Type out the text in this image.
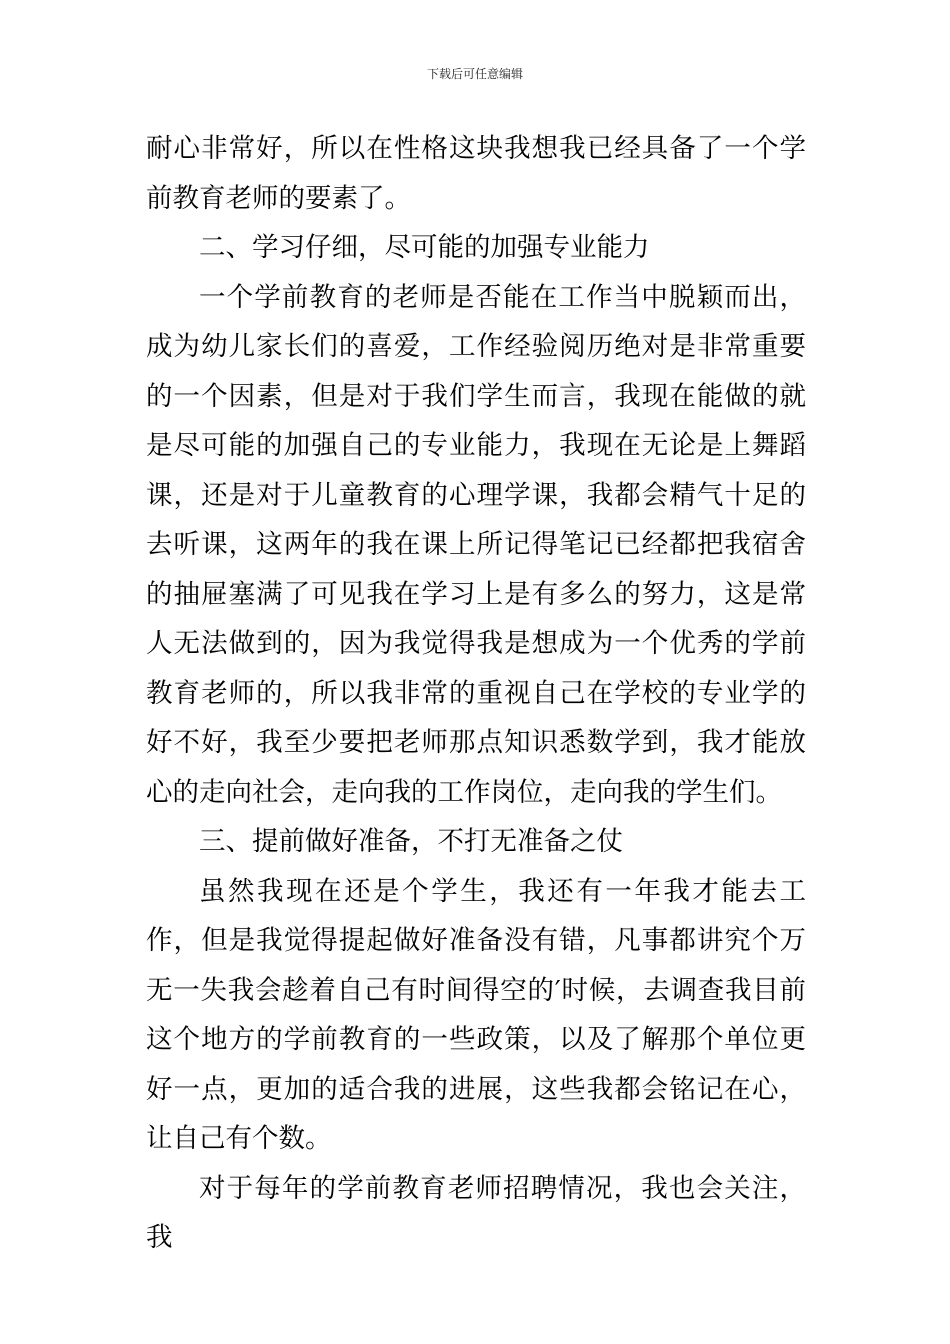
下载后可任意编辑

耐心非常好，所以在性格这块我想我已经具备了一个学前教育老师的要素了。

二、学习仔细，尽可能的加强专业能力

一个学前教育的老师是否能在工作当中脱颖而出，成为幼儿家长们的喜爱，工作经验阅历绝对是非常重要的一个因素，但是对于我们学生而言，我现在能做的就是尽可能的加强自己的专业能力，我现在无论是上舞蹈课，还是对于儿童教育的心理学课，我都会精气十足的去听课，这两年的我在课上所记得笔记已经都把我宿舍的抽屉塞满了可见我在学习上是有多么的努力，这是常人无法做到的，因为我觉得我是想成为一个优秀的学前教育老师的，所以我非常的重视自己在学校的专业学的好不好，我至少要把老师那点知识悉数学到，我才能放心的走向社会，走向我的工作岗位，走向我的学生们。

三、提前做好准备，不打无准备之仗

虽然我现在还是个学生，我还有一年我才能去工作，但是我觉得提起做好准备没有错，凡事都讲究个万无一失我会趁着自己有时间得空的′时候，去调查我目前这个地方的学前教育的一些政策，以及了解那个单位更好一点，更加的适合我的进展，这些我都会铭记在心，让自己有个数。

对于每年的学前教育老师招聘情况，我也会关注，我
